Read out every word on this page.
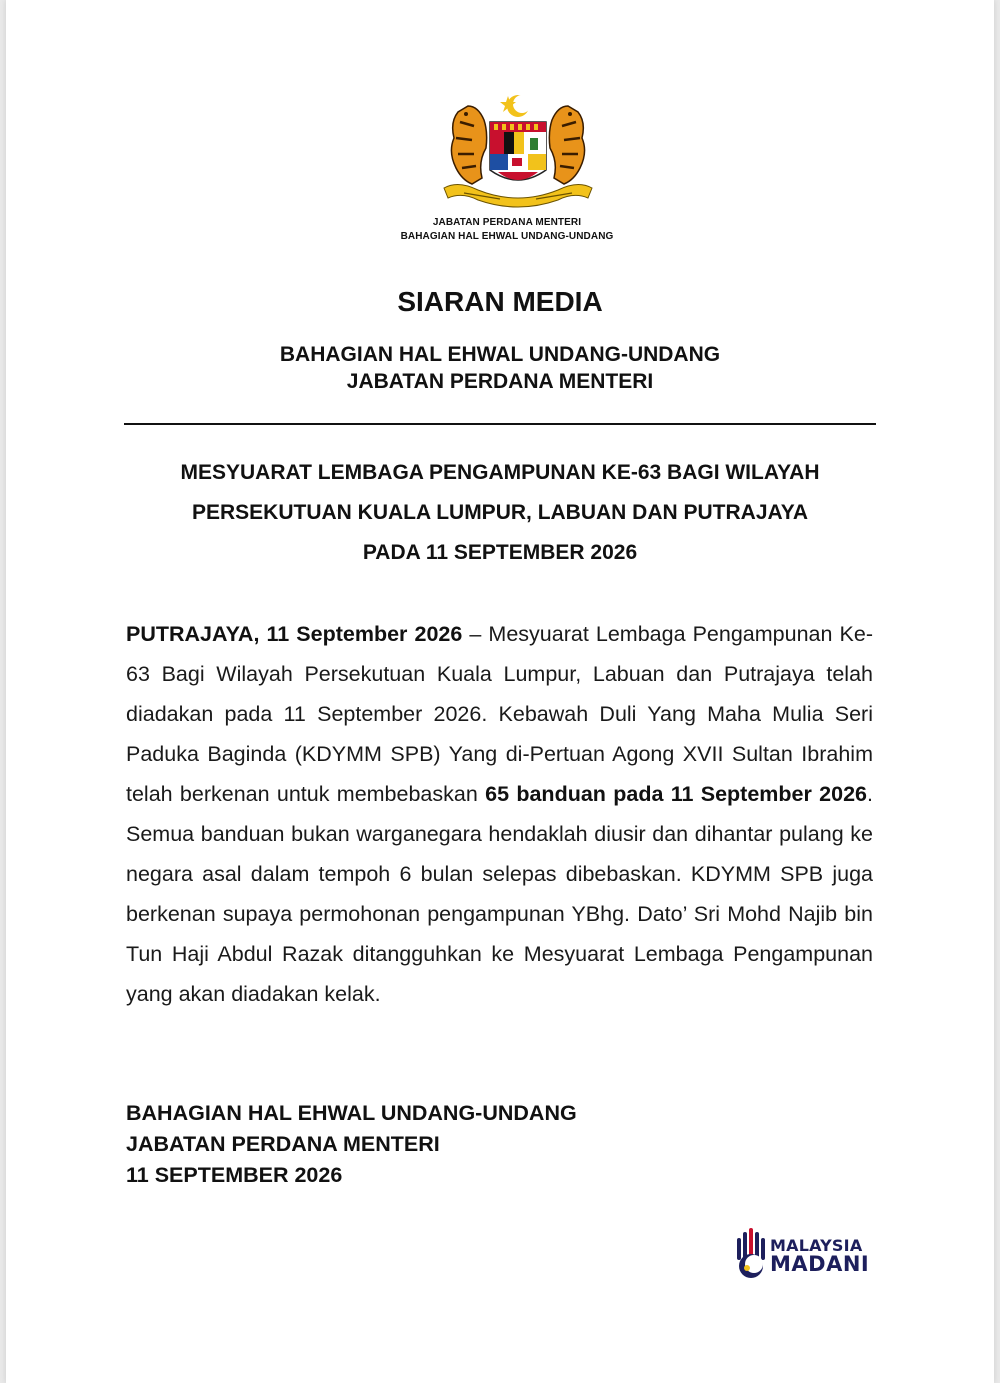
JABATAN PERDANA MENTERI
BAHAGIAN HAL EHWAL UNDANG-UNDANG
SIARAN MEDIA
BAHAGIAN HAL EHWAL UNDANG-UNDANG
JABATAN PERDANA MENTERI
MESYUARAT LEMBAGA PENGAMPUNAN KE-63 BAGI WILAYAH
PERSEKUTUAN KUALA LUMPUR, LABUAN DAN PUTRAJAYA
PADA 11 SEPTEMBER 2026
PUTRAJAYA, 11 September 2026 – Mesyuarat Lembaga Pengampunan Ke-63 Bagi Wilayah Persekutuan Kuala Lumpur, Labuan dan Putrajaya telah diadakan pada 11 September 2026. Kebawah Duli Yang Maha Mulia Seri Paduka Baginda (KDYMM SPB) Yang di-Pertuan Agong XVII Sultan Ibrahim telah berkenan untuk membebaskan 65 banduan pada 11 September 2026. Semua banduan bukan warganegara hendaklah diusir dan dihantar pulang ke negara asal dalam tempoh 6 bulan selepas dibebaskan. KDYMM SPB juga berkenan supaya permohonan pengampunan YBhg. Dato’ Sri Mohd Najib bin Tun Haji Abdul Razak ditangguhkan ke Mesyuarat Lembaga Pengampunan yang akan diadakan kelak.
BAHAGIAN HAL EHWAL UNDANG-UNDANG
JABATAN PERDANA MENTERI
11 SEPTEMBER 2026
MALAYSIA
MADANI
